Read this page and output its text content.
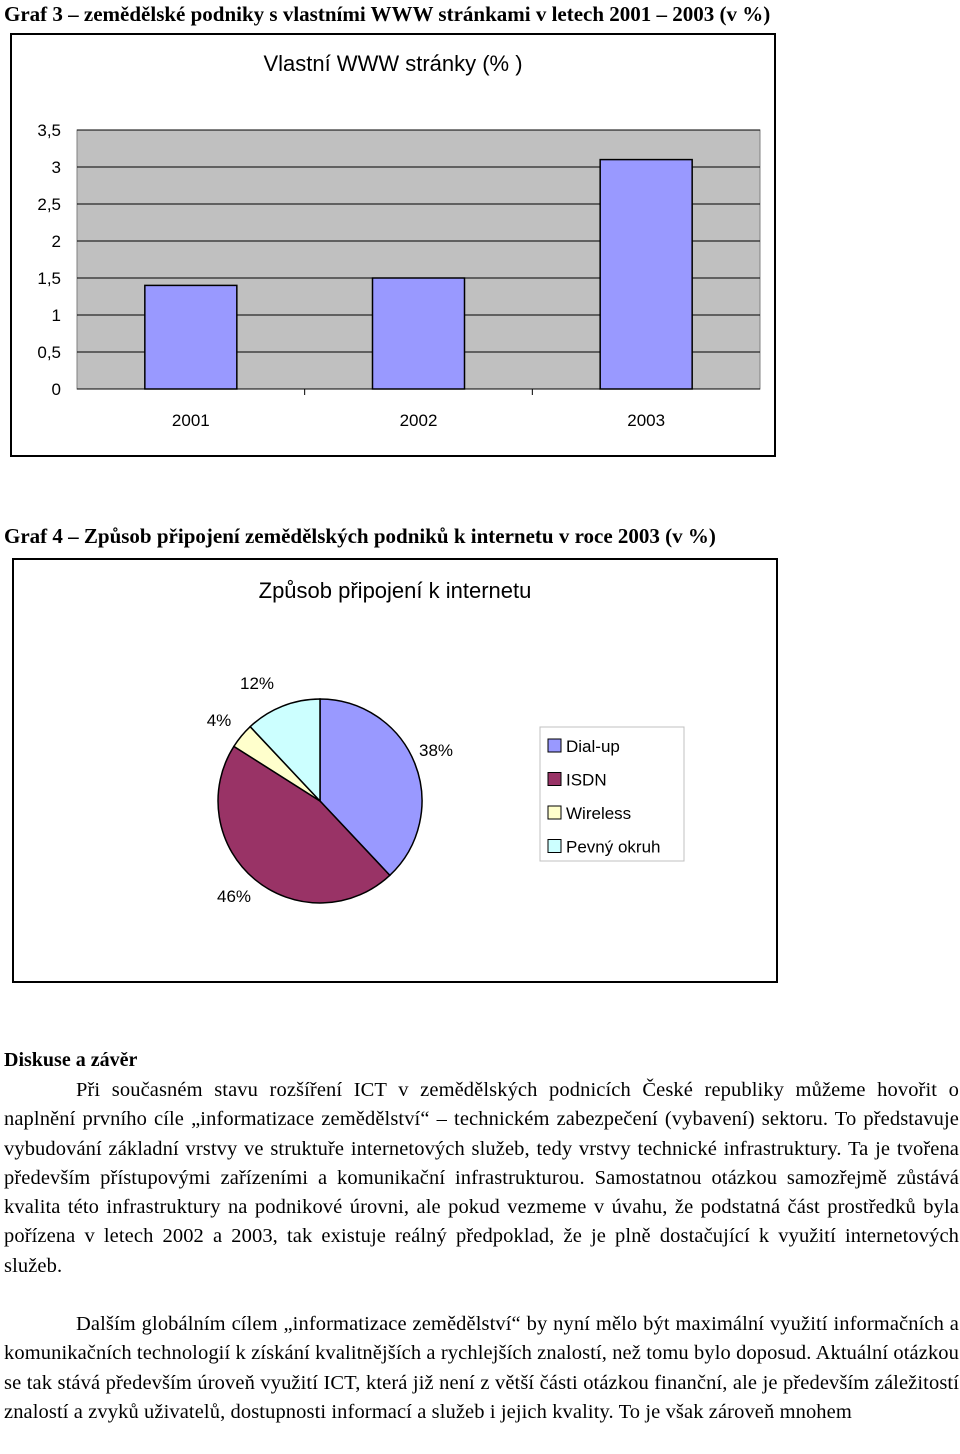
Graf 3 – zemědělské podniky s vlastními WWW stránkami v letech 2001 – 2003 (v %)
Vlastní WWW stránky (% )
0
0,5
1
1,5
2
2,5
3
3,5
2001	2002	2003
Graf 4 – Způsob připojení zemědělských podniků k internetu v roce 2003 (v %)
Způsob připojení k internetu
38%
46%
4%
12%
Dial-up
ISDN
Wireless
Pevný okruh
Diskuse a závěr

Při současném stavu rozšíření ICT v zemědělských podnicích České republiky můžeme hovořit o naplnění prvního cíle „informatizace zemědělství“ – technickém zabezpečení (vybavení) sektoru. To představuje vybudování základní vrstvy ve struktuře internetových služeb, tedy vrstvy technické infrastruktury. Ta je tvořena především přístupovými zařízeními a komunikační infrastrukturou. Samostatnou otázkou samozřejmě zůstává kvalita této infrastruktury na podnikové úrovni, ale pokud vezmeme v úvahu, že podstatná část prostředků byla pořízena v letech 2002 a 2003, tak existuje reálný předpoklad, že je plně dostačující k využití internetových služeb.

Dalším globálním cílem „informatizace zemědělství“ by nyní mělo být maximální využití informačních a komunikačních technologií k získání kvalitnějších a rychlejších znalostí, než tomu bylo doposud. Aktuální otázkou se tak stává především úroveň využití ICT, která již není z větší části otázkou finanční, ale je především záležitostí znalostí a zvyků uživatelů, dostupnosti informací a služeb i jejich kvality. To je však zároveň mnohem
